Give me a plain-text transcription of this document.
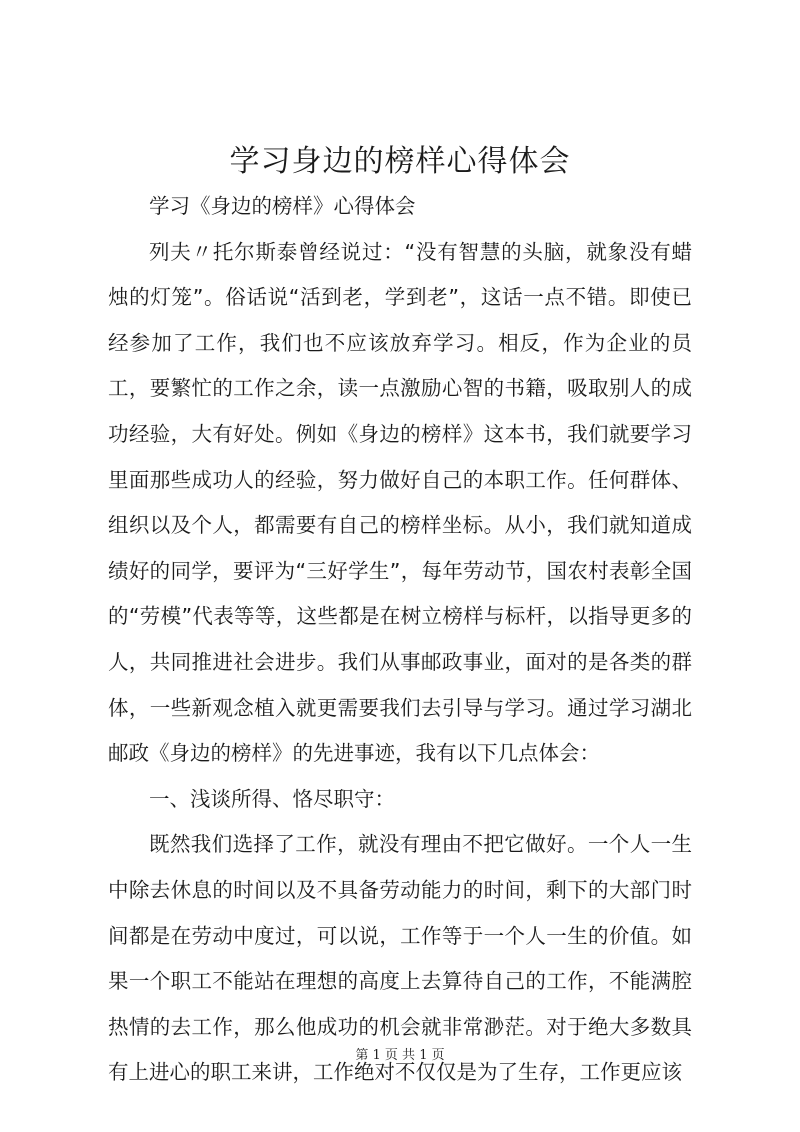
学习身边的榜样心得体会

学习《身边的榜样》心得体会

列夫〃托尔斯泰曾经说过：“没有智慧的头脑，就象没有蜡烛的灯笼”。俗话说“活到老，学到老”，这话一点不错。即使已经参加了工作，我们也不应该放弃学习。相反，作为企业的员工，要繁忙的工作之余，读一点激励心智的书籍，吸取别人的成功经验，大有好处。例如《身边的榜样》这本书，我们就要学习里面那些成功人的经验，努力做好自己的本职工作。任何群体、组织以及个人，都需要有自己的榜样坐标。从小，我们就知道成绩好的同学，要评为“三好学生”，每年劳动节，国农村表彰全国的“劳模”代表等等，这些都是在树立榜样与标杆，以指导更多的人，共同推进社会进步。我们从事邮政事业，面对的是各类的群体，一些新观念植入就更需要我们去引导与学习。通过学习湖北邮政《身边的榜样》的先进事迹，我有以下几点体会：

一、浅谈所得、恪尽职守：

既然我们选择了工作，就没有理由不把它做好。一个人一生中除去休息的时间以及不具备劳动能力的时间，剩下的大部门时间都是在劳动中度过，可以说，工作等于一个人一生的价值。如果一个职工不能站在理想的高度上去算待自己的工作，不能满腔热情的去工作，那么他成功的机会就非常渺茫。对于绝大多数具有上进心的职工来讲，工作绝对不仅仅是为了生存，工作更应该

第 1 页 共 1 页
